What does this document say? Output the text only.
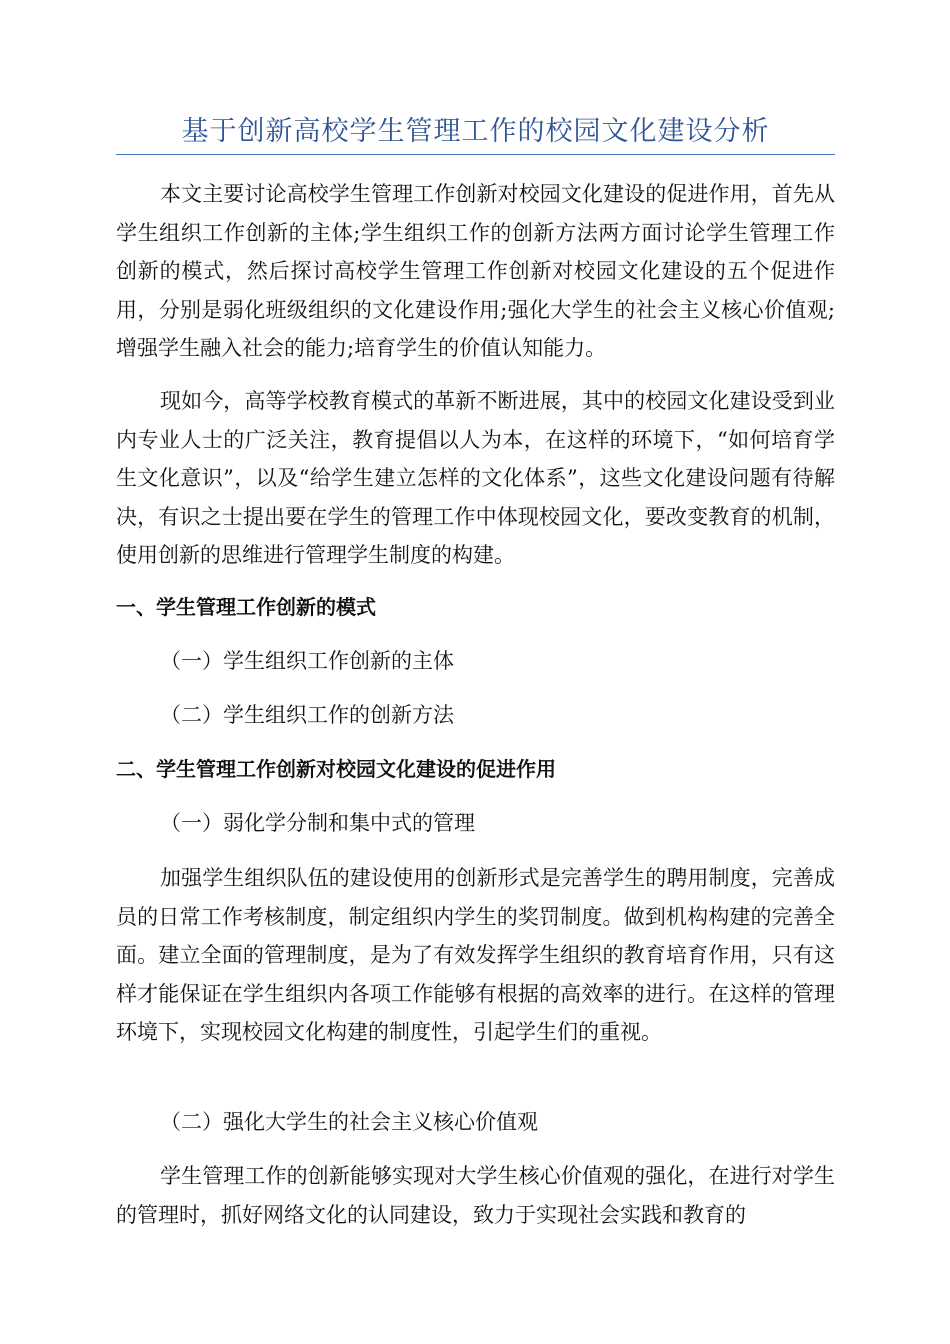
基于创新高校学生管理工作的校园文化建设分析

本文主要讨论高校学生管理工作创新对校园文化建设的促进作用，首先从学生组织工作创新的主体;学生组织工作的创新方法两方面讨论学生管理工作创新的模式，然后探讨高校学生管理工作创新对校园文化建设的五个促进作用，分别是弱化班级组织的文化建设作用;强化大学生的社会主义核心价值观;增强学生融入社会的能力;培育学生的价值认知能力。

现如今，高等学校教育模式的革新不断进展，其中的校园文化建设受到业内专业人士的广泛关注，教育提倡以人为本，在这样的环境下，“如何培育学生文化意识”，以及“给学生建立怎样的文化体系”，这些文化建设问题有待解决，有识之士提出要在学生的管理工作中体现校园文化，要改变教育的机制，使用创新的思维进行管理学生制度的构建。

一、学生管理工作创新的模式
（一）学生组织工作创新的主体
（二）学生组织工作的创新方法
二、学生管理工作创新对校园文化建设的促进作用
（一）弱化学分制和集中式的管理

加强学生组织队伍的建设使用的创新形式是完善学生的聘用制度，完善成员的日常工作考核制度，制定组织内学生的奖罚制度。做到机构构建的完善全面。建立全面的管理制度，是为了有效发挥学生组织的教育培育作用，只有这样才能保证在学生组织内各项工作能够有根据的高效率的进行。在这样的管理环境下，实现校园文化构建的制度性，引起学生们的重视。

（二）强化大学生的社会主义核心价值观

学生管理工作的创新能够实现对大学生核心价值观的强化，在进行对学生的管理时，抓好网络文化的认同建设，致力于实现社会实践和教育的
